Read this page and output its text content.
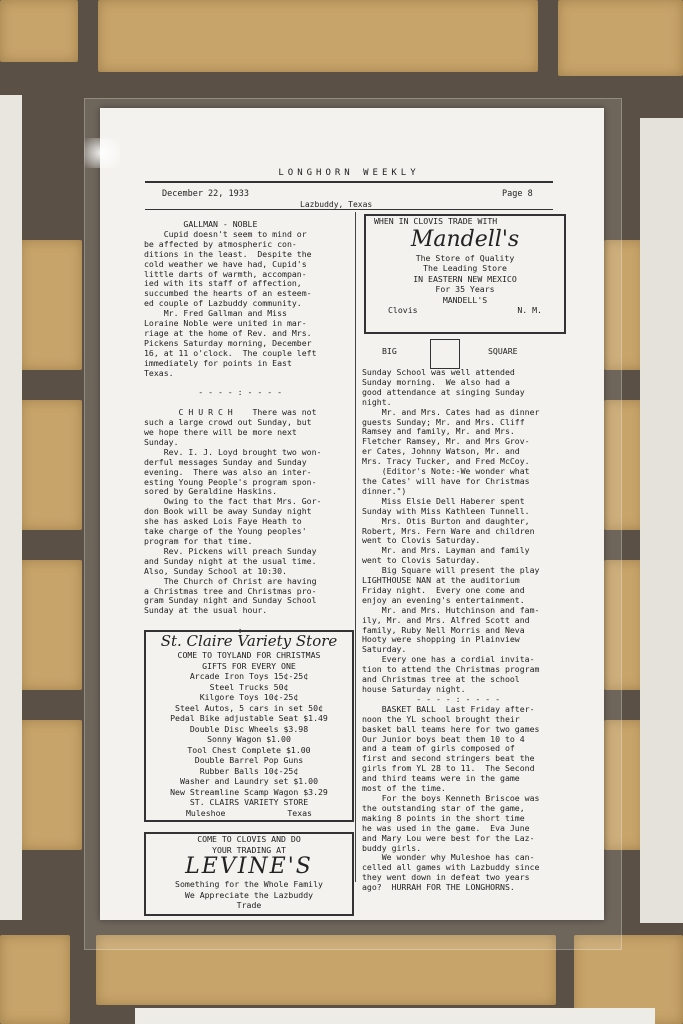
LONGHORN WEEKLY
December 22, 1933	Page 8
Lazbuddy, Texas
GALLMAN - NOBLE
Cupid doesn't seem to mind or
be affected by atmospheric con-
ditions in the least.  Despite the
cold weather we have had, Cupid's
little darts of warmth, accompan-
ied with its staff of affection,
succumbed the hearts of an esteem-
ed couple of Lazbuddy community.
Mr. Fred Gallman and Miss
Loraine Noble were united in mar-
riage at the home of Rev. and Mrs.
Pickens Saturday morning, December
16, at 11 o'clock.  The couple left
immediately for points in East
Texas.

- - - - : - - - -

C H U R C H    There was not
such a large crowd out Sunday, but
we hope there will be more next
Sunday.
Rev. I. J. Loyd brought two won-
derful messages Sunday and Sunday
evening.  There was also an inter-
esting Young People's program spon-
sored by Geraldine Haskins.
Owing to the fact that Mrs. Gor-
don Book will be away Sunday night
she has asked Lois Faye Heath to
take charge of the Young peoples'
program for that time.
Rev. Pickens will preach Sunday
and Sunday night at the usual time.
Also, Sunday School at 10:30.
The Church of Christ are having
a Christmas tree and Christmas pro-
gram Sunday night and Sunday School
Sunday at the usual hour.

- - - - : - - - -
WHEN IN CLOVIS TRADE WITH
Mandell's
The Store of Quality
The Leading Store
IN EASTERN NEW MEXICO
For 35 Years
MANDELL'S
Clovis	N. M.
BIG	SQUARE
Sunday School was well attended
Sunday morning.  We also had a
good attendance at singing Sunday
night.
Mr. and Mrs. Cates had as dinner
guests Sunday; Mr. and Mrs. Cliff
Ramsey and family, Mr. and Mrs.
Fletcher Ramsey, Mr. and Mrs Grov-
er Cates, Johnny Watson, Mr. and
Mrs. Tracy Tucker, and Fred McCoy.
(Editor's Note:-We wonder what
the Cates' will have for Christmas
dinner.")
Miss Elsie Dell Haberer spent
Sunday with Miss Kathleen Tunnell.
Mrs. Otis Burton and daughter,
Robert, Mrs. Fern Ware and children
went to Clovis Saturday.
Mr. and Mrs. Layman and family
went to Clovis Saturday.
Big Square will present the play
LIGHTHOUSE NAN at the auditorium
Friday night.  Every one come and
enjoy an evening's entertainment.
Mr. and Mrs. Hutchinson and fam-
ily, Mr. and Mrs. Alfred Scott and
family, Ruby Nell Morris and Neva
Hooty were shopping in Plainview
Saturday.
Every one has a cordial invita-
tion to attend the Christmas program
and Christmas tree at the school
house Saturday night.
- - - - : - - - -
BASKET BALL  Last Friday after-
noon the YL school brought their
basket ball teams here for two games
Our Junior boys beat them 10 to 4
and a team of girls composed of
first and second stringers beat the
girls from YL 28 to 11.  The Second
and third teams were in the game
most of the time.
For the boys Kenneth Briscoe was
the outstanding star of the game,
making 8 points in the short time
he was used in the game.  Eva June
and Mary Lou were best for the Laz-
buddy girls.
We wonder why Muleshoe has can-
celled all games with Lazbuddy since
they went down in defeat two years
ago?  HURRAH FOR THE LONGHORNS.
St. Claire Variety Store
COME TO TOYLAND FOR CHRISTMAS
GIFTS FOR EVERY ONE
Arcade Iron Toys 15¢-25¢
Steel Trucks 50¢
Kilgore Toys 10¢-25¢
Steel Autos, 5 cars in set 50¢
Pedal Bike adjustable Seat $1.49
Double Disc Wheels $3.98
Sonny Wagon $1.00
Tool Chest Complete $1.00
Double Barrel Pop Guns
Rubber Balls 10¢-25¢
Washer and Laundry set $1.00
New Streamline Scamp Wagon $3.29
ST. CLAIRS VARIETY STORE
Muleshoe	Texas
COME TO CLOVIS AND DO
YOUR TRADING AT
LEVINE'S
Something for the Whole Family
We Appreciate the Lazbuddy
Trade
